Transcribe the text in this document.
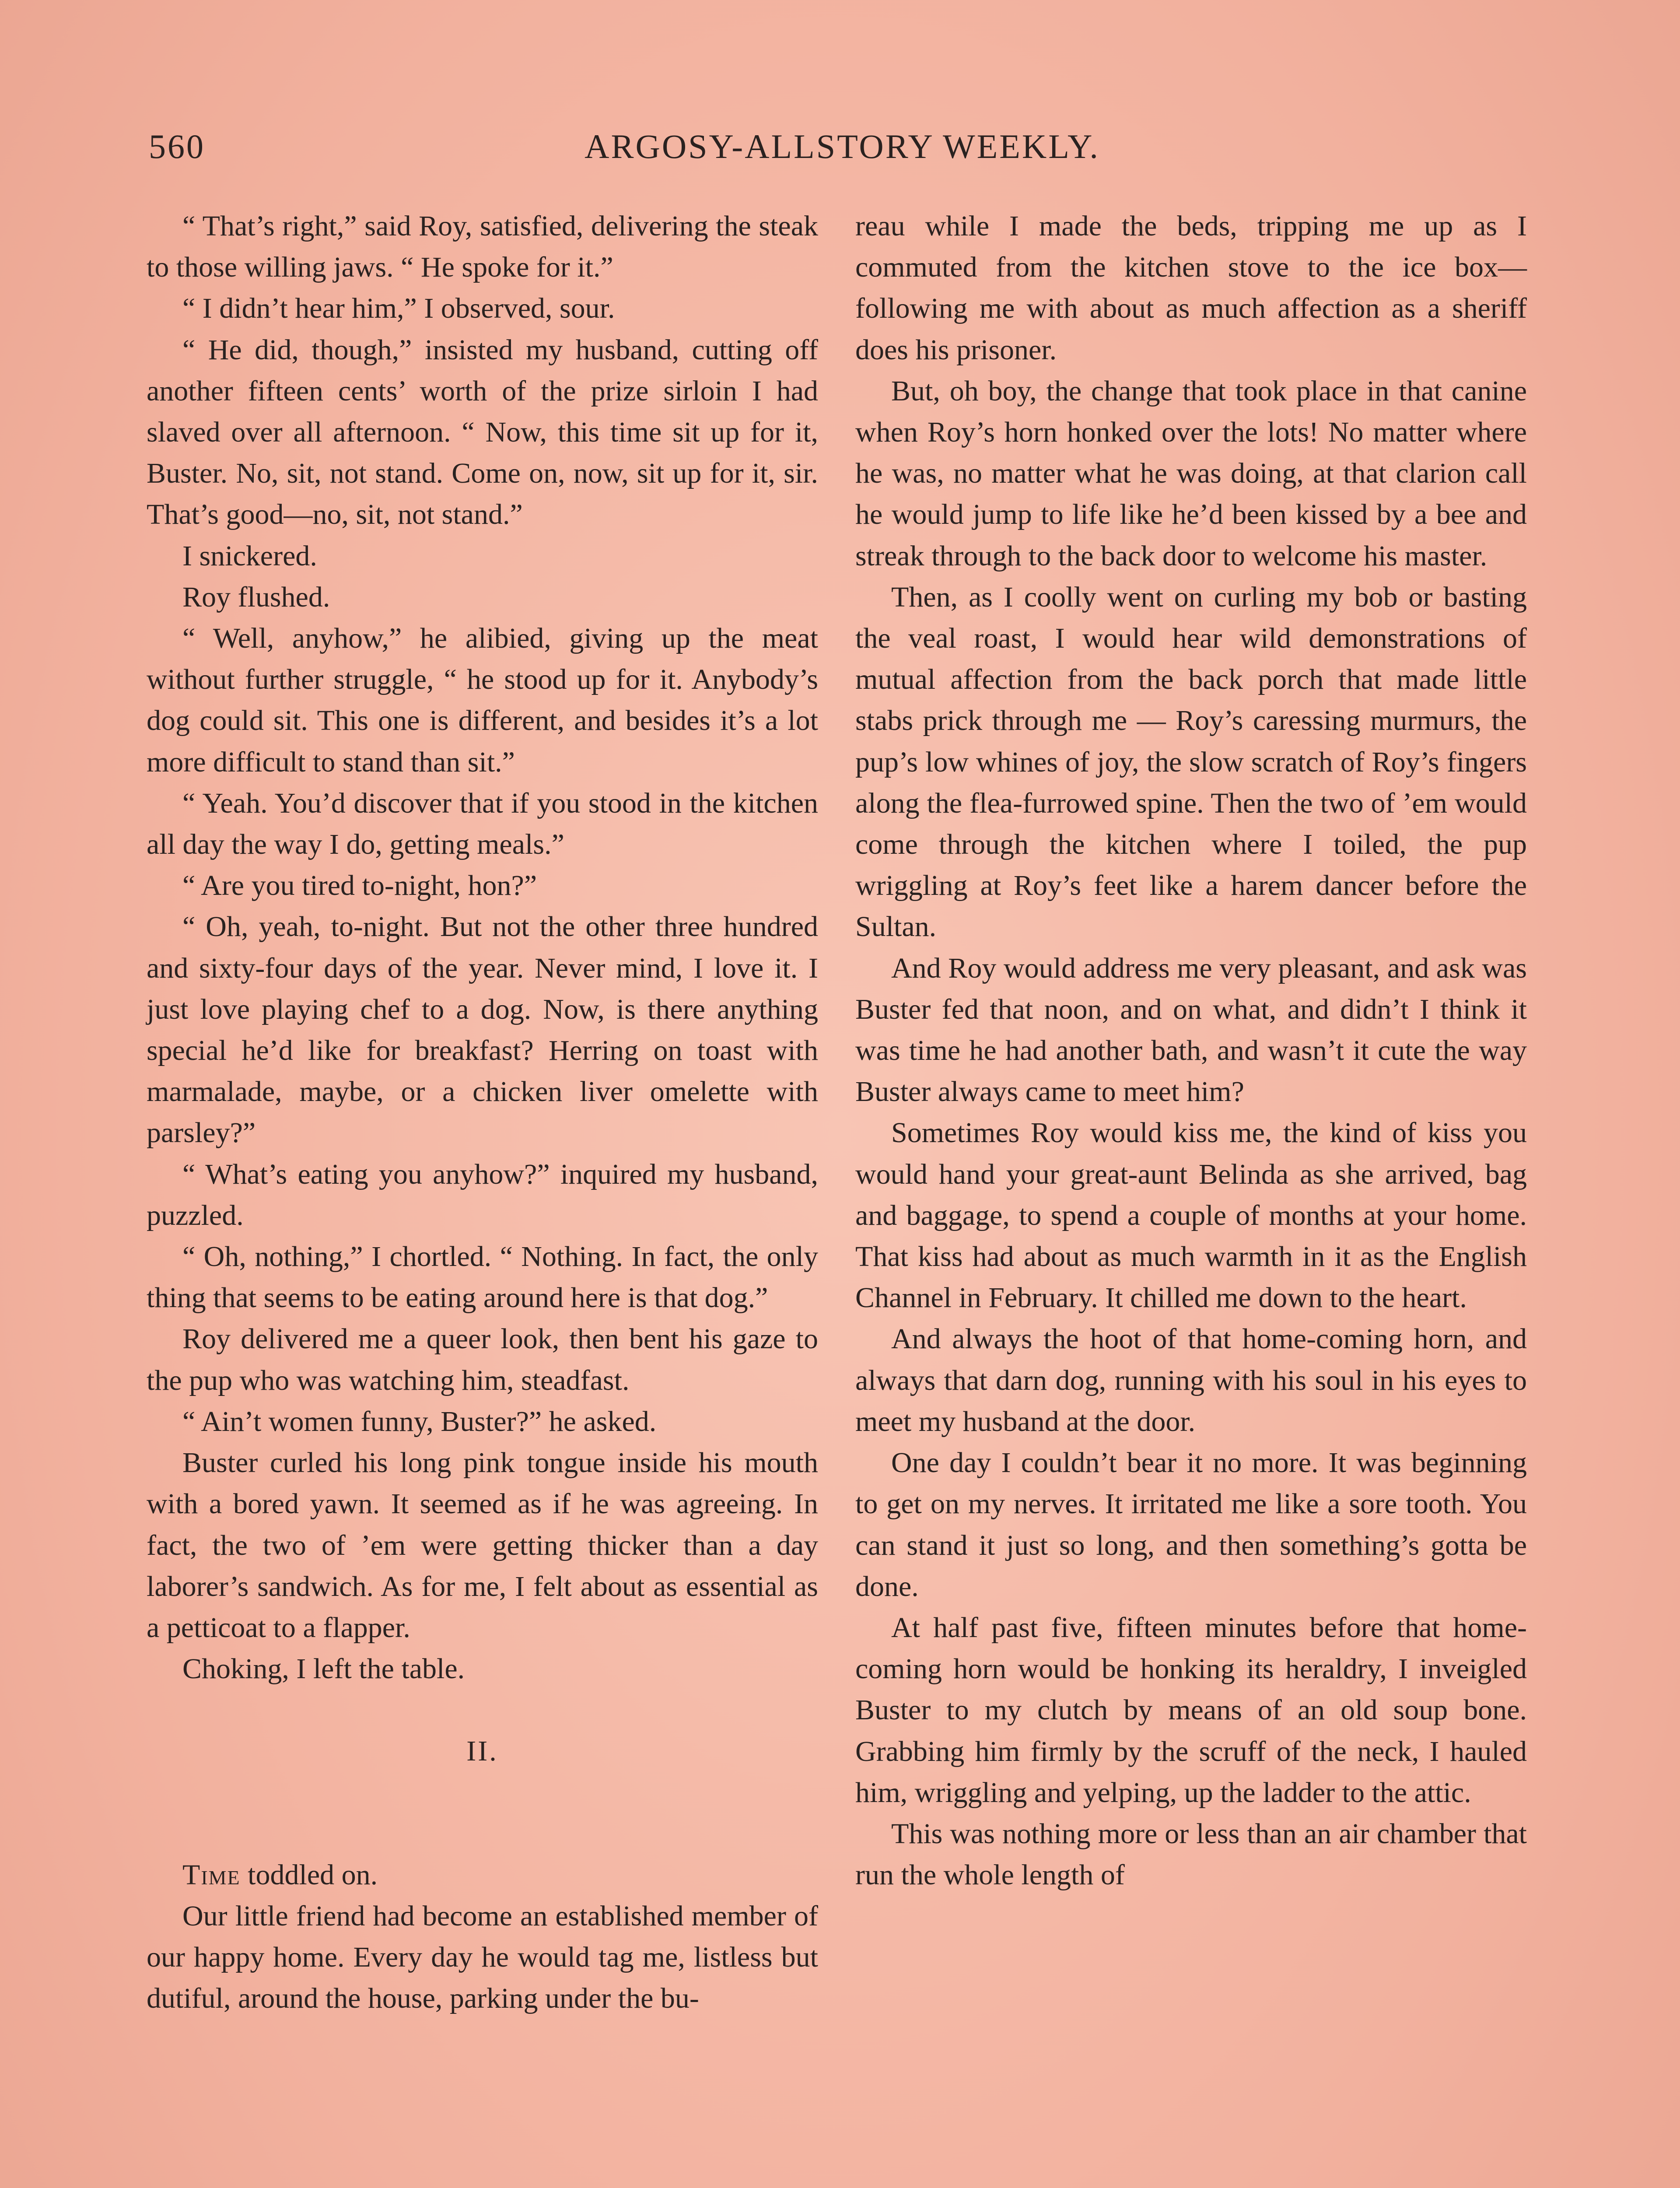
560	ARGOSY-ALLSTORY WEEKLY.

“ That’s right,” said Roy, satisfied, delivering the steak to those willing jaws. “ He spoke for it.”

“ I didn’t hear him,” I observed, sour.

“ He did, though,” insisted my husband, cutting off another fifteen cents’ worth of the prize sirloin I had slaved over all afternoon. “ Now, this time sit up for it, Buster. No, sit, not stand. Come on, now, sit up for it, sir. That’s good—no, sit, not stand.”

I snickered.

Roy flushed.

“ Well, anyhow,” he alibied, giving up the meat without further struggle, “ he stood up for it. Anybody’s dog could sit. This one is different, and besides it’s a lot more difficult to stand than sit.”

“ Yeah. You’d discover that if you stood in the kitchen all day the way I do, getting meals.”

“ Are you tired to-night, hon?”

“ Oh, yeah, to-night. But not the other three hundred and sixty-four days of the year. Never mind, I love it. I just love playing chef to a dog. Now, is there anything special he’d like for breakfast? Herring on toast with marmalade, maybe, or a chicken liver omelette with parsley?”

“ What’s eating you anyhow?” inquired my husband, puzzled.

“ Oh, nothing,” I chortled. “ Nothing. In fact, the only thing that seems to be eating around here is that dog.”

Roy delivered me a queer look, then bent his gaze to the pup who was watching him, steadfast.

“ Ain’t women funny, Buster?” he asked.

Buster curled his long pink tongue inside his mouth with a bored yawn. It seemed as if he was agreeing. In fact, the two of ’em were getting thicker than a day laborer’s sandwich. As for me, I felt about as essential as a petticoat to a flapper.

Choking, I left the table.

II.

Time toddled on.

Our little friend had become an established member of our happy home. Every day he would tag me, listless but dutiful, around the house, parking under the bu-

reau while I made the beds, tripping me up as I commuted from the kitchen stove to the ice box—following me with about as much affection as a sheriff does his prisoner.

But, oh boy, the change that took place in that canine when Roy’s horn honked over the lots! No matter where he was, no matter what he was doing, at that clarion call he would jump to life like he’d been kissed by a bee and streak through to the back door to welcome his master.

Then, as I coolly went on curling my bob or basting the veal roast, I would hear wild demonstrations of mutual affection from the back porch that made little stabs prick through me — Roy’s caressing murmurs, the pup’s low whines of joy, the slow scratch of Roy’s fingers along the flea-furrowed spine. Then the two of ’em would come through the kitchen where I toiled, the pup wriggling at Roy’s feet like a harem dancer before the Sultan.

And Roy would address me very pleasant, and ask was Buster fed that noon, and on what, and didn’t I think it was time he had another bath, and wasn’t it cute the way Buster always came to meet him?

Sometimes Roy would kiss me, the kind of kiss you would hand your great-aunt Belinda as she arrived, bag and baggage, to spend a couple of months at your home. That kiss had about as much warmth in it as the English Channel in February. It chilled me down to the heart.

And always the hoot of that home-coming horn, and always that darn dog, running with his soul in his eyes to meet my husband at the door.

One day I couldn’t bear it no more. It was beginning to get on my nerves. It irritated me like a sore tooth. You can stand it just so long, and then something’s gotta be done.

At half past five, fifteen minutes before that home-coming horn would be honking its heraldry, I inveigled Buster to my clutch by means of an old soup bone. Grabbing him firmly by the scruff of the neck, I hauled him, wriggling and yelping, up the ladder to the attic.

This was nothing more or less than an air chamber that run the whole length of
